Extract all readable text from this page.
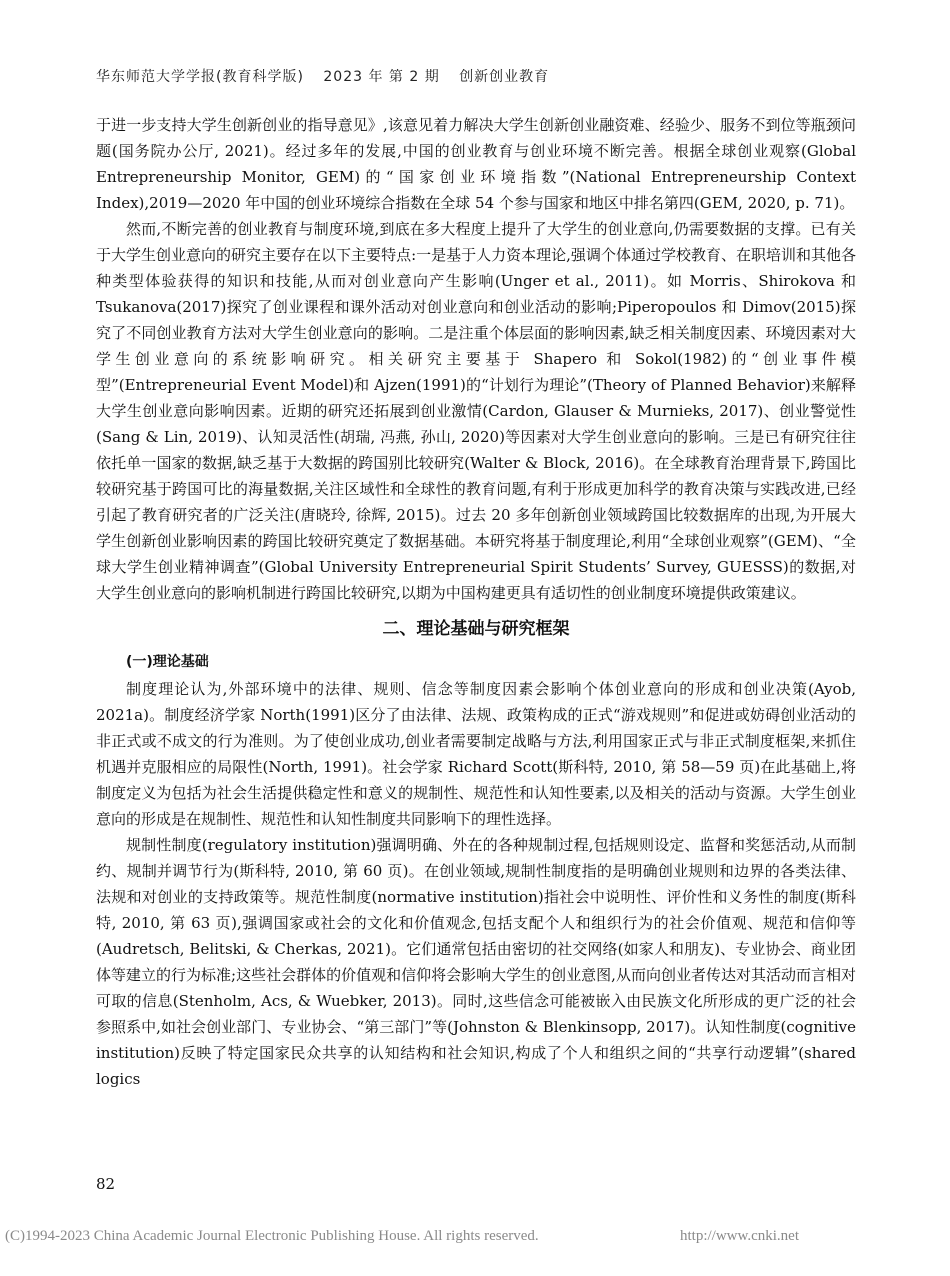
华东师范大学学报(教育科学版) 2023 年 第 2 期 创新创业教育

于进一步支持大学生创新创业的指导意见》,该意见着力解决大学生创新创业融资难、经验少、服务不到位等瓶颈问题(国务院办公厅, 2021)。经过多年的发展,中国的创业教育与创业环境不断完善。根据全球创业观察(Global Entrepreneurship Monitor, GEM)的“国家创业环境指数”(National Entrepreneurship Context Index),2019—2020 年中国的创业环境综合指数在全球 54 个参与国家和地区中排名第四(GEM, 2020, p. 71)。

然而,不断完善的创业教育与制度环境,到底在多大程度上提升了大学生的创业意向,仍需要数据的支撑。已有关于大学生创业意向的研究主要存在以下主要特点:一是基于人力资本理论,强调个体通过学校教育、在职培训和其他各种类型体验获得的知识和技能,从而对创业意向产生影响(Unger et al., 2011)。如 Morris、Shirokova 和 Tsukanova(2017)探究了创业课程和课外活动对创业意向和创业活动的影响;Piperopoulos 和 Dimov(2015)探究了不同创业教育方法对大学生创业意向的影响。二是注重个体层面的影响因素,缺乏相关制度因素、环境因素对大学生创业意向的系统影响研究。相关研究主要基于 Shapero 和 Sokol(1982)的“创业事件模型”(Entrepreneurial Event Model)和 Ajzen(1991)的“计划行为理论”(Theory of Planned Behavior)来解释大学生创业意向影响因素。近期的研究还拓展到创业激情(Cardon, Glauser & Murnieks, 2017)、创业警觉性(Sang & Lin, 2019)、认知灵活性(胡瑞, 冯燕, 孙山, 2020)等因素对大学生创业意向的影响。三是已有研究往往依托单一国家的数据,缺乏基于大数据的跨国别比较研究(Walter & Block, 2016)。在全球教育治理背景下,跨国比较研究基于跨国可比的海量数据,关注区域性和全球性的教育问题,有利于形成更加科学的教育决策与实践改进,已经引起了教育研究者的广泛关注(唐晓玲, 徐辉, 2015)。过去 20 多年创新创业领域跨国比较数据库的出现,为开展大学生创新创业影响因素的跨国比较研究奠定了数据基础。本研究将基于制度理论,利用“全球创业观察”(GEM)、“全球大学生创业精神调查”(Global University Entrepreneurial Spirit Students’ Survey, GUESSS)的数据,对大学生创业意向的影响机制进行跨国比较研究,以期为中国构建更具有适切性的创业制度环境提供政策建议。

二、理论基础与研究框架
(一)理论基础

制度理论认为,外部环境中的法律、规则、信念等制度因素会影响个体创业意向的形成和创业决策(Ayob, 2021a)。制度经济学家 North(1991)区分了由法律、法规、政策构成的正式“游戏规则”和促进或妨碍创业活动的非正式或不成文的行为准则。为了使创业成功,创业者需要制定战略与方法,利用国家正式与非正式制度框架,来抓住机遇并克服相应的局限性(North, 1991)。社会学家 Richard Scott(斯科特, 2010, 第 58—59 页)在此基础上,将制度定义为包括为社会生活提供稳定性和意义的规制性、规范性和认知性要素,以及相关的活动与资源。大学生创业意向的形成是在规制性、规范性和认知性制度共同影响下的理性选择。

规制性制度(regulatory institution)强调明确、外在的各种规制过程,包括规则设定、监督和奖惩活动,从而制约、规制并调节行为(斯科特, 2010, 第 60 页)。在创业领域,规制性制度指的是明确创业规则和边界的各类法律、法规和对创业的支持政策等。规范性制度(normative institution)指社会中说明性、评价性和义务性的制度(斯科特, 2010, 第 63 页),强调国家或社会的文化和价值观念,包括支配个人和组织行为的社会价值观、规范和信仰等(Audretsch, Belitski, & Cherkas, 2021)。它们通常包括由密切的社交网络(如家人和朋友)、专业协会、商业团体等建立的行为标准;这些社会群体的价值观和信仰将会影响大学生的创业意图,从而向创业者传达对其活动而言相对可取的信息(Stenholm, Acs, & Wuebker, 2013)。同时,这些信念可能被嵌入由民族文化所形成的更广泛的社会参照系中,如社会创业部门、专业协会、“第三部门”等(Johnston & Blenkinsopp, 2017)。认知性制度(cognitive institution)反映了特定国家民众共享的认知结构和社会知识,构成了个人和组织之间的“共享行动逻辑”(shared logics

82
(C)1994-2023 China Academic Journal Electronic Publishing House. All rights reserved.	http://www.cnki.net
